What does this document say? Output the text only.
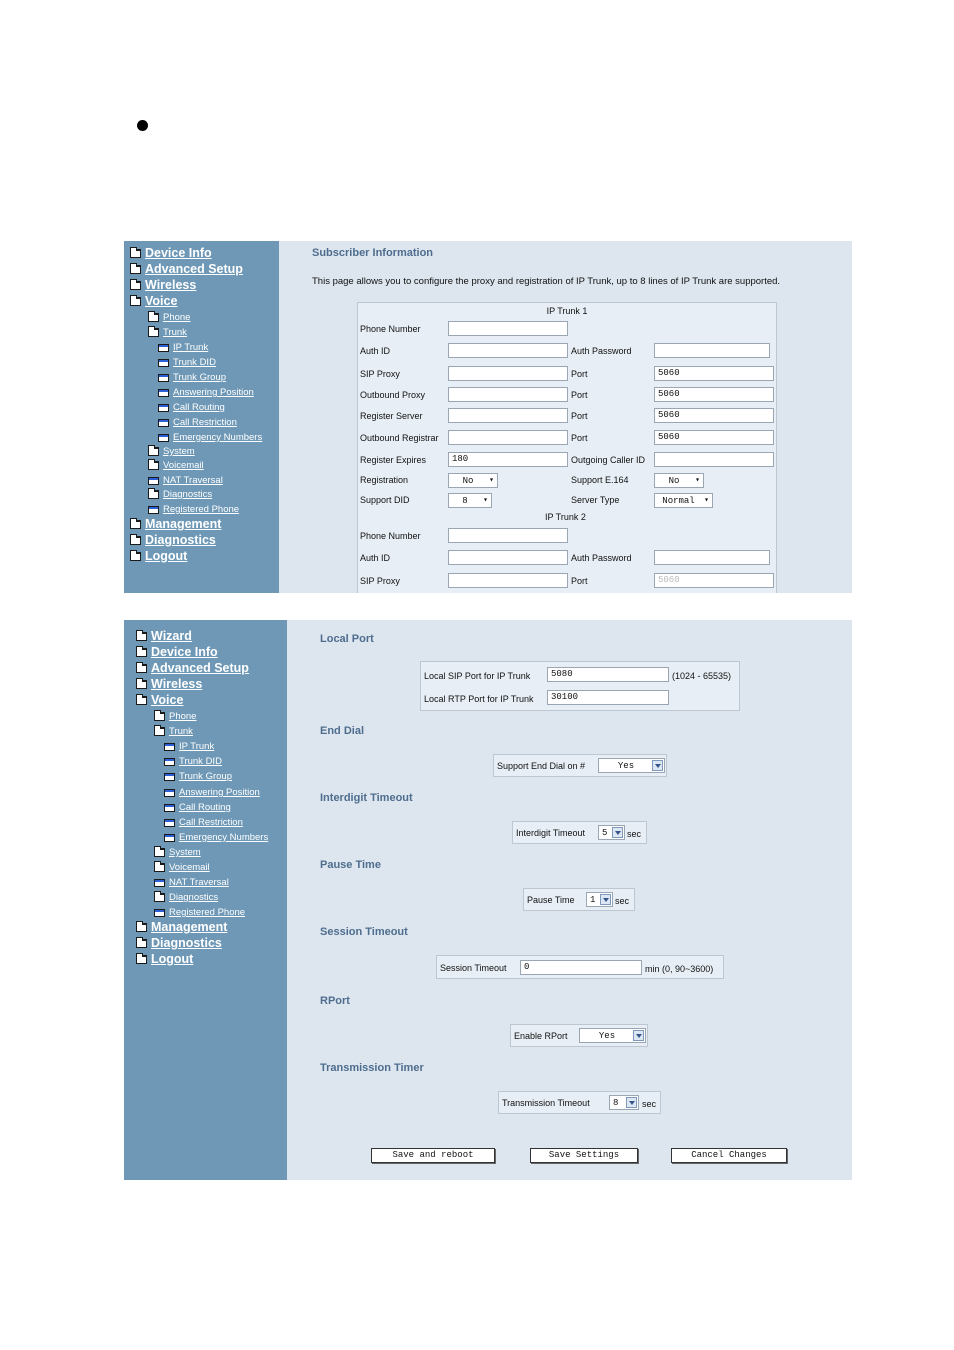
Device Info
Advanced Setup
Wireless
Voice
Phone
Trunk
IP Trunk
Trunk DID
Trunk Group
Answering Position
Call Routing
Call Restriction
Emergency Numbers
System
Voicemail
NAT Traversal
Diagnostics
Registered Phone
Management
Diagnostics
Logout
Subscriber Information
This page allows you to configure the proxy and registration of IP Trunk, up to 8 lines of IP Trunk are supported.
IP Trunk 1
Phone Number
Auth ID	Auth Password
SIP Proxy	Port	5060
Outbound Proxy	Port	5060
Register Server	Port	5060
Outbound Registrar	Port	5060
Register Expires	180	Outgoing Caller ID
Registration	No	▾	Support E.164	No	▾
Support DID	8	▾	Server Type	Normal	▾
IP Trunk 2
Phone Number
Auth ID	Auth Password
SIP Proxy	Port	5060
Wizard
Device Info
Advanced Setup
Wireless
Voice
Phone
Trunk
IP Trunk
Trunk DID
Trunk Group
Answering Position
Call Routing
Call Restriction
Emergency Numbers
System
Voicemail
NAT Traversal
Diagnostics
Registered Phone
Management
Diagnostics
Logout
Local Port
Local SIP Port for IP Trunk	5080	(1024 - 65535)
Local RTP Port for IP Trunk	30100
End Dial
Support End Dial on #	Yes
Interdigit Timeout
Interdigit Timeout 5 sec
Pause Time
Pause Time 1 sec
Session Timeout
Session Timeout	0	min (0, 90~3600)
RPort
Enable RPort	Yes
Transmission Timer
Transmission Timeout	8	sec
Save and reboot	Save Settings	Cancel Changes
